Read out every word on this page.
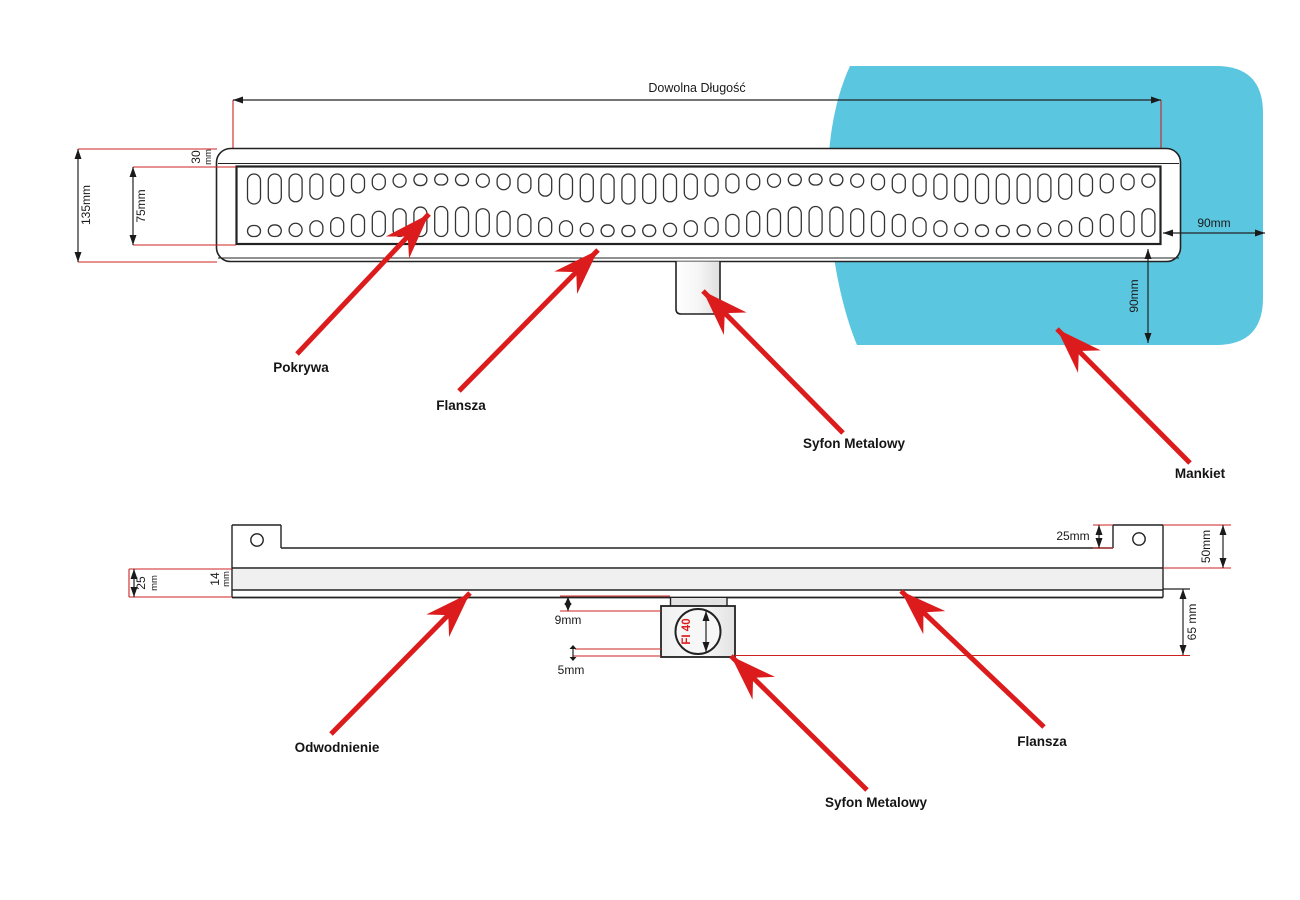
Dowolna Długość
135mm	75mm
30 mm
90mm
90mm
Pokrywa
Flansza
Syfon Metalowy
Mankiet
FI 40
25 mm	14 mm
25mm	50mm
65 mm
9mm
5mm
Odwodnienie	Flansza
Syfon Metalowy
